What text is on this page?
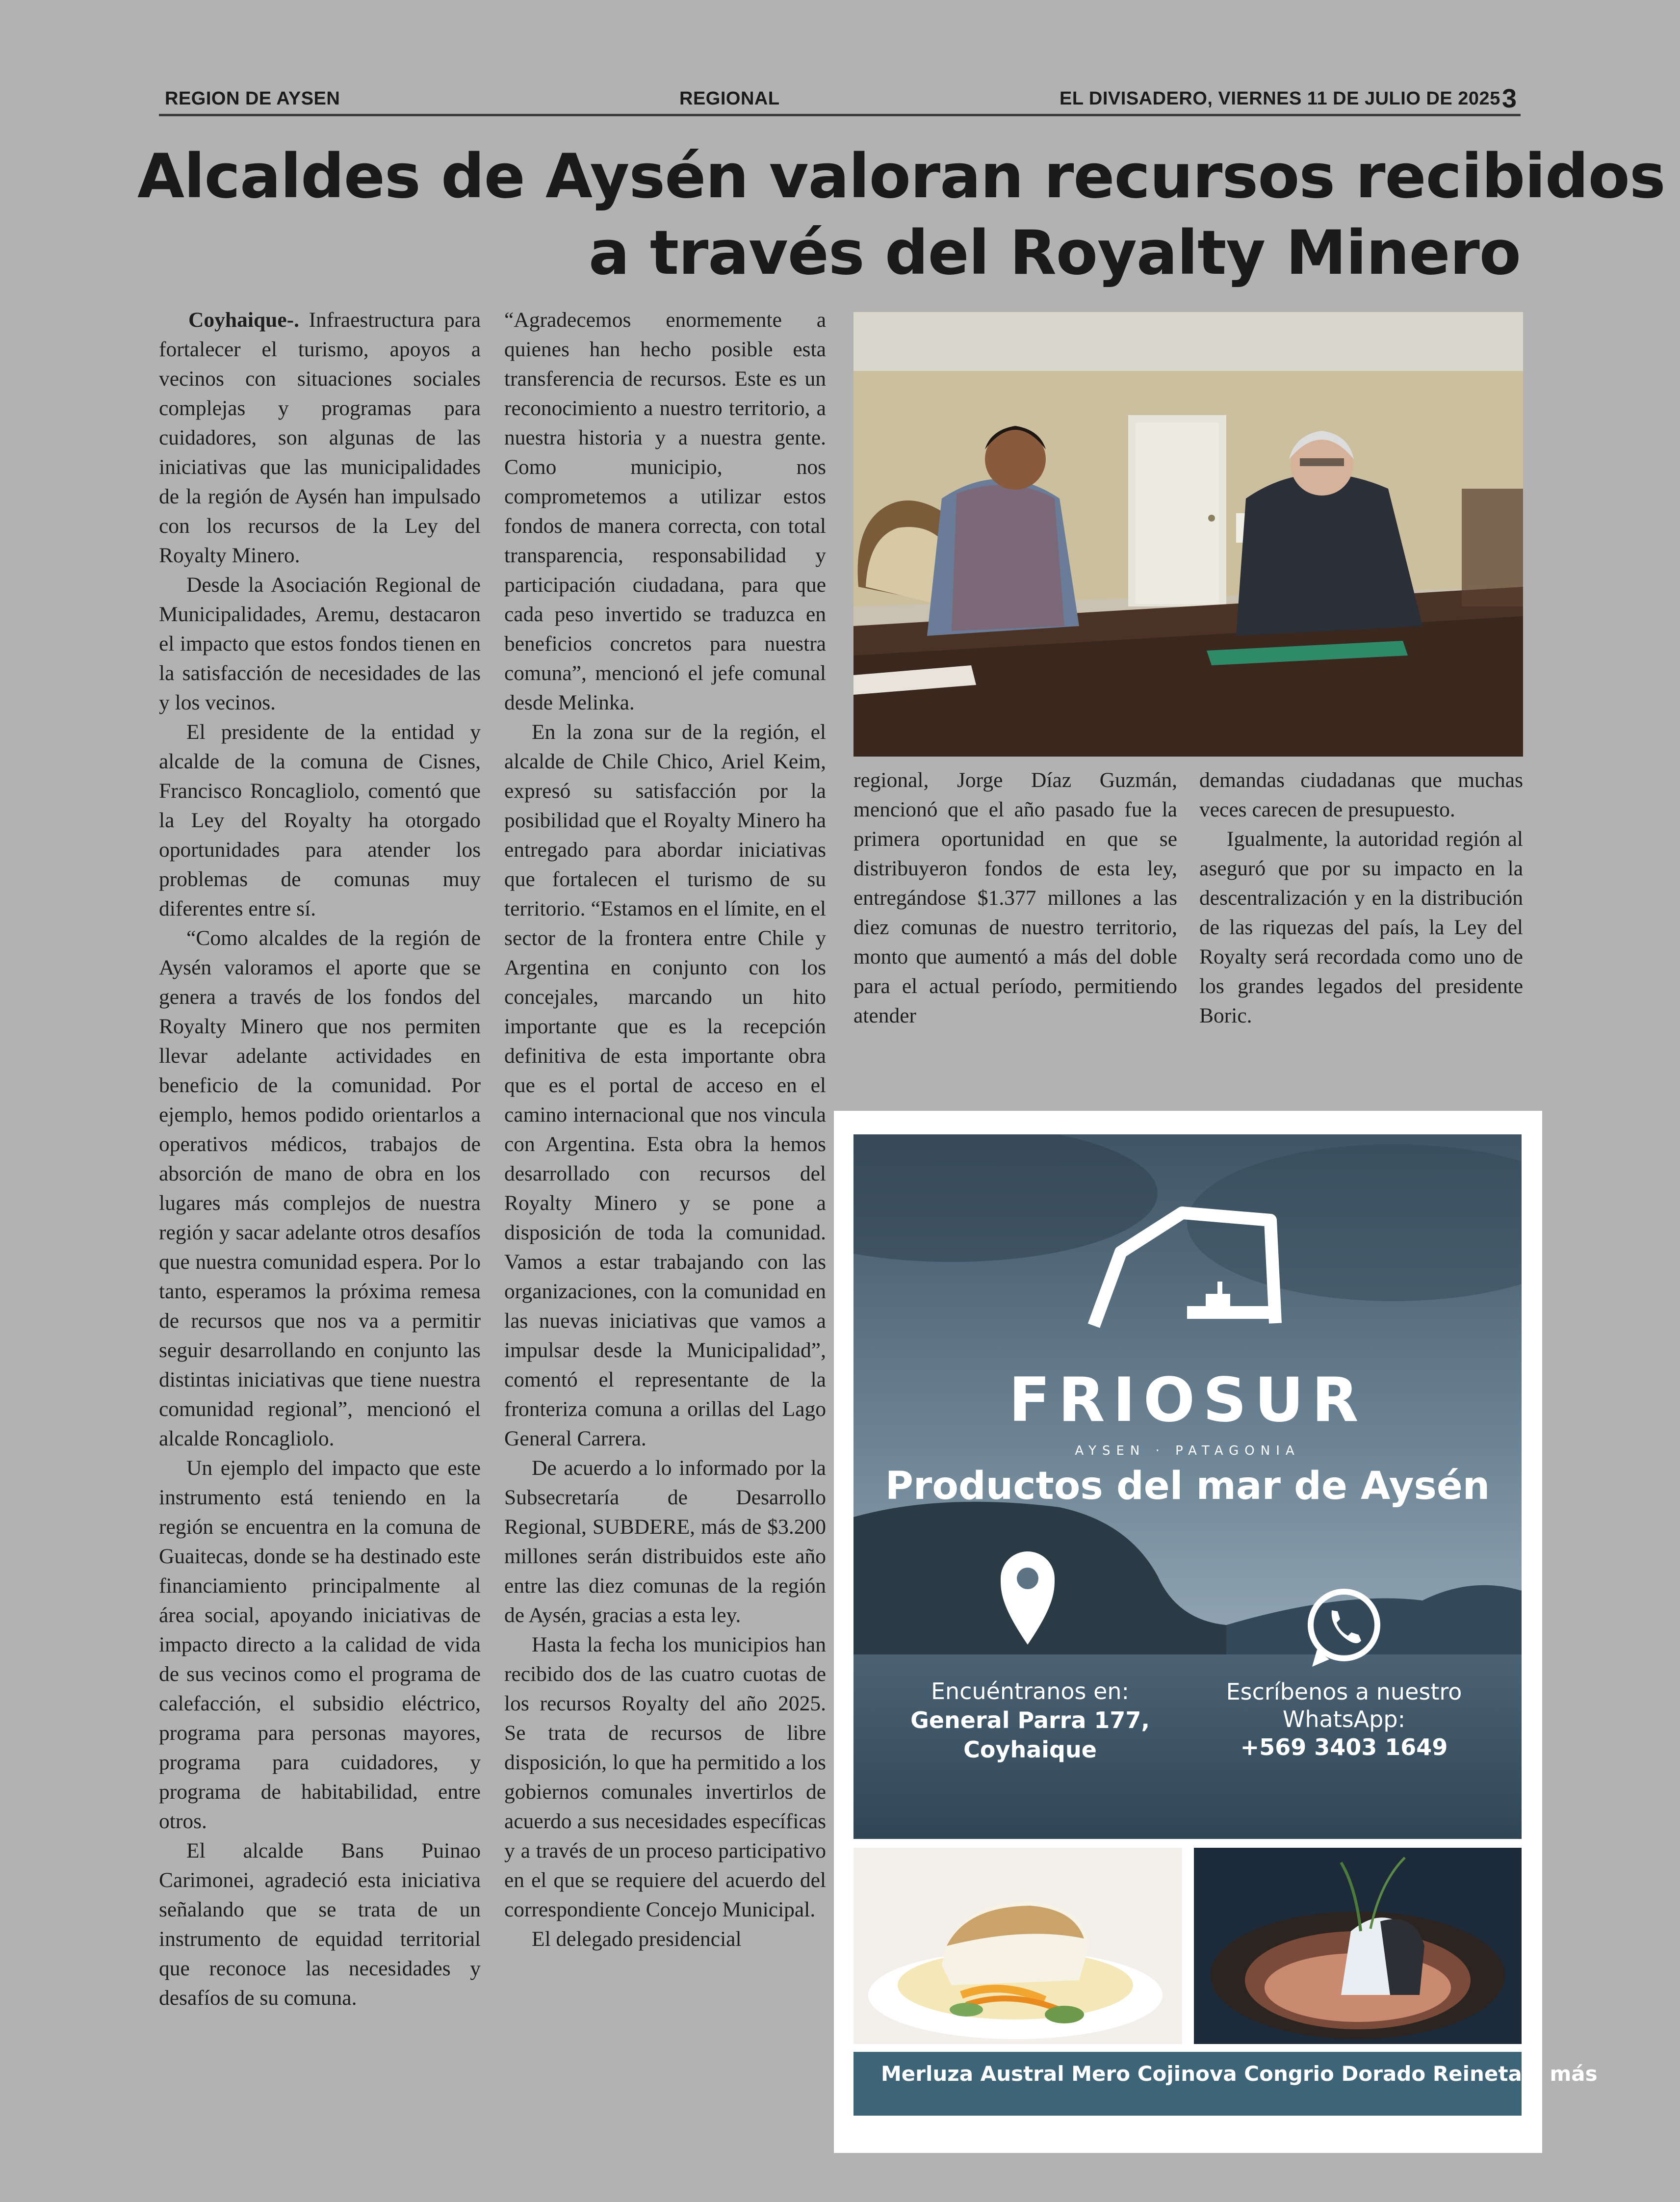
REGION DE AYSEN	REGIONAL	EL DIVISADERO, VIERNES 11 DE JULIO DE 2025 3
Alcaldes de Aysén valoran recursos recibidos
a través del Royalty Minero

Coyhaique-. Infraestructura para fortalecer el turismo, apoyos a vecinos con situaciones sociales complejas y programas para cuidadores, son algunas de las iniciativas que las municipalidades de la región de Aysén han impulsado con los recursos de la Ley del Royalty Minero.

Desde la Asociación Regional de Municipalidades, Aremu, destacaron el impacto que estos fondos tienen en la satisfacción de necesidades de las y los vecinos.

El presidente de la entidad y alcalde de la comuna de Cisnes, Francisco Roncagliolo, comentó que la Ley del Royalty ha otorgado oportunidades para atender los problemas de comunas muy diferentes entre sí.

“Como alcaldes de la región de Aysén valoramos el aporte que se genera a través de los fondos del Royalty Minero que nos permiten llevar adelante actividades en beneficio de la comunidad. Por ejemplo, hemos podido orientarlos a operativos médicos, trabajos de absorción de mano de obra en los lugares más complejos de nuestra región y sacar adelante otros desafíos que nuestra comunidad espera. Por lo tanto, esperamos la próxima remesa de recursos que nos va a permitir seguir desarrollando en conjunto las distintas iniciativas que tiene nuestra comunidad regional”, mencionó el alcalde Roncagliolo.

Un ejemplo del impacto que este instrumento está teniendo en la región se encuentra en la comuna de Guaitecas, donde se ha destinado este financiamiento principalmente al área social, apoyando iniciativas de impacto directo a la calidad de vida de sus vecinos como el programa de calefacción, el subsidio eléctrico, programa para personas mayores, programa para cuidadores, y programa de habitabilidad, entre otros.

El alcalde Bans Puinao Carimonei, agradeció esta iniciativa señalando que se trata de un instrumento de equidad territorial que reconoce las necesidades y desafíos de su comuna.

“Agradecemos enormemente a quienes han hecho posible esta transferencia de recursos. Este es un reconocimiento a nuestro territorio, a nuestra historia y a nuestra gente. Como municipio, nos comprometemos a utilizar estos fondos de manera correcta, con total transparencia, responsabilidad y participación ciudadana, para que cada peso invertido se traduzca en beneficios concretos para nuestra comuna”, mencionó el jefe comunal desde Melinka.

En la zona sur de la región, el alcalde de Chile Chico, Ariel Keim, expresó su satisfacción por la posibilidad que el Royalty Minero ha entregado para abordar iniciativas que fortalecen el turismo de su territorio. “Estamos en el límite, en el sector de la frontera entre Chile y Argentina en conjunto con los concejales, marcando un hito importante que es la recepción definitiva de esta importante obra que es el portal de acceso en el camino internacional que nos vincula con Argentina. Esta obra la hemos desarrollado con recursos del Royalty Minero y se pone a disposición de toda la comunidad. Vamos a estar trabajando con las organizaciones, con la comunidad en las nuevas iniciativas que vamos a impulsar desde la Municipalidad”, comentó el representante de la fronteriza comuna a orillas del Lago General Carrera.

De acuerdo a lo informado por la Subsecretaría de Desarrollo Regional, SUBDERE, más de $3.200 millones serán distribuidos este año entre las diez comunas de la región de Aysén, gracias a esta ley.

Hasta la fecha los municipios han recibido dos de las cuatro cuotas de los recursos Royalty del año 2025. Se trata de recursos de libre disposición, lo que ha permitido a los gobiernos comunales invertirlos de acuerdo a sus necesidades específicas y a través de un proceso participativo en el que se requiere del acuerdo del correspondiente Concejo Municipal.

El delegado presidencial

regional, Jorge Díaz Guzmán, mencionó que el año pasado fue la primera oportunidad en que se distribuyeron fondos de esta ley, entregándose $1.377 millones a las diez comunas de nuestro territorio, monto que aumentó a más del doble para el actual período, permitiendo atender

demandas ciudadanas que muchas veces carecen de presupuesto.

Igualmente, la autoridad región al aseguró que por su impacto en la descentralización y en la distribución de las riquezas del país, la Ley del Royalty será recordada como uno de los grandes legados del presidente Boric.

FRIOSUR
AYSEN · PATAGONIA
Productos del mar de Aysén
Encuéntranos en:
General Parra 177, Coyhaique
Escríbenos a nuestro WhatsApp:
+569 3403 1649
Merluza Austral Mero Cojinova Congrio Dorado Reineta y más
